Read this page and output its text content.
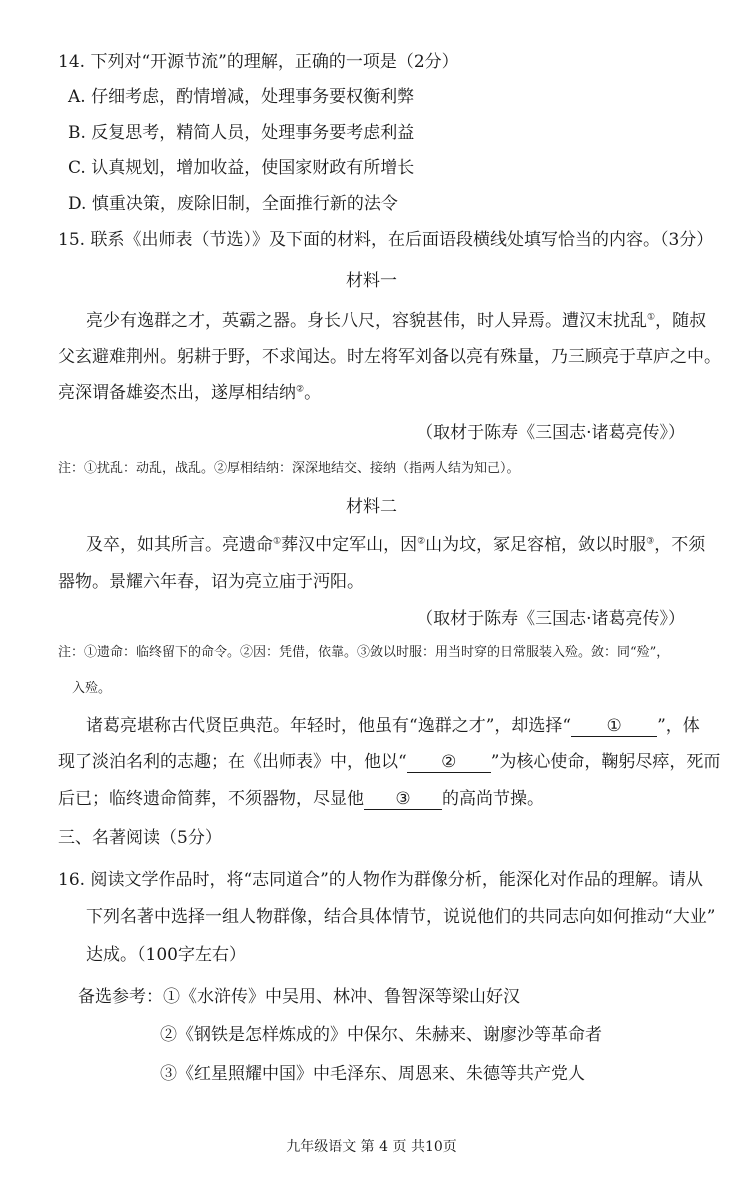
14. 下列对“开源节流”的理解，正确的一项是（2分）
A. 仔细考虑，酌情增减，处理事务要权衡利弊
B. 反复思考，精简人员，处理事务要考虑利益
C. 认真规划，增加收益，使国家财政有所增长
D. 慎重决策，废除旧制，全面推行新的法令
15. 联系《出师表（节选）》及下面的材料，在后面语段横线处填写恰当的内容。（3分）
材料一
亮少有逸群之才，英霸之器。身长八尺，容貌甚伟，时人异焉。遭汉末扰乱①，随叔
父玄避难荆州。躬耕于野，不求闻达。时左将军刘备以亮有殊量，乃三顾亮于草庐之中。
亮深谓备雄姿杰出，遂厚相结纳②。
（取材于陈寿《三国志·诸葛亮传》）
注：①扰乱：动乱，战乱。②厚相结纳：深深地结交、接纳（指两人结为知己）。
材料二
及卒，如其所言。亮遗命①葬汉中定军山，因②山为坟，冢足容棺，敛以时服③，不须
器物。景耀六年春，诏为亮立庙于沔阳。
（取材于陈寿《三国志·诸葛亮传》）
注：①遗命：临终留下的命令。②因：凭借，依靠。③敛以时服：用当时穿的日常服装入殓。敛：同“殓”，
入殓。
诸葛亮堪称古代贤臣典范。年轻时，他虽有“逸群之才”，却选择“ ① ”，体
现了淡泊名利的志趣；在《出师表》中，他以“ ② ”为核心使命，鞠躬尽瘁，死而
后已；临终遗命简葬，不须器物，尽显他 ③ 的高尚节操。
三、名著阅读（5分）
16. 阅读文学作品时，将“志同道合”的人物作为群像分析，能深化对作品的理解。请从
下列名著中选择一组人物群像，结合具体情节，说说他们的共同志向如何推动“大业”
达成。（100字左右）
备选参考：①《水浒传》中吴用、林冲、鲁智深等梁山好汉
②《钢铁是怎样炼成的》中保尔、朱赫来、谢廖沙等革命者
③《红星照耀中国》中毛泽东、周恩来、朱德等共产党人
九年级语文 第 4 页 共10页
